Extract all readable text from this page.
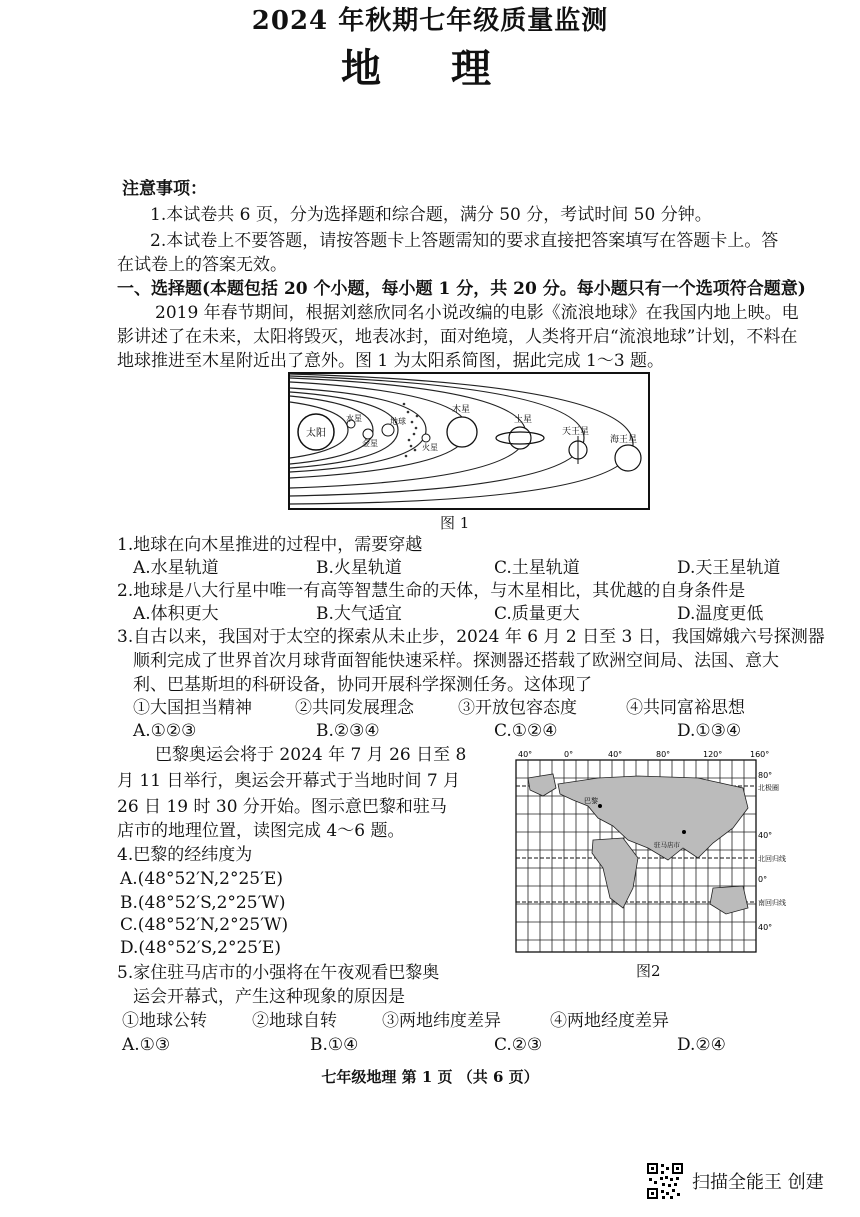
2024 年秋期七年级质量监测
地 理
注意事项：
1.本试卷共 6 页，分为选择题和综合题，满分 50 分，考试时间 50 分钟。
2.本试卷上不要答题，请按答题卡上答题需知的要求直接把答案填写在答题卡上。答
在试卷上的答案无效。
一、选择题(本题包括 20 个小题，每小题 1 分，共 20 分。每小题只有一个选项符合题意)
2019 年春节期间，根据刘慈欣同名小说改编的电影《流浪地球》在我国内地上映。电
影讲述了在未来，太阳将毁灭，地表冰封，面对绝境，人类将开启“流浪地球”计划，不料在
地球推进至木星附近出了意外。图 1 为太阳系简图，据此完成 1～3 题。
太阳
水星
金星
地球
火星
木星
土星
天王星
海王星
图 1
1.地球在向木星推进的过程中，需要穿越
A.水星轨道	B.火星轨道	C.土星轨道	D.天王星轨道
2.地球是八大行星中唯一有高等智慧生命的天体，与木星相比，其优越的自身条件是
A.体积更大	B.大气适宜	C.质量更大	D.温度更低
3.自古以来，我国对于太空的探索从未止步，2024 年 6 月 2 日至 3 日，我国嫦娥六号探测器
顺利完成了世界首次月球背面智能快速采样。探测器还搭载了欧洲空间局、法国、意大
利、巴基斯坦的科研设备，协同开展科学探测任务。这体现了
①大国担当精神	②共同发展理念	③开放包容态度	④共同富裕思想
A.①②③	B.②③④	C.①②④	D.①③④
巴黎奥运会将于 2024 年 7 月 26 日至 8
月 11 日举行，奥运会开幕式于当地时间 7 月
26 日 19 时 30 分开始。图示意巴黎和驻马
店市的地理位置，读图完成 4～6 题。
4.巴黎的经纬度为
A.(48°52′N,2°25′E)
B.(48°52′S,2°25′W)
C.(48°52′N,2°25′W)
D.(48°52′S,2°25′E)
40°	0°	40°	80°	120°	160°
巴黎
驻马店市
80°
北极圈
40°
北回归线
0°
南回归线
40°
图2
5.家住驻马店市的小强将在午夜观看巴黎奥
运会开幕式，产生这种现象的原因是
①地球公转	②地球自转	③两地纬度差异	④两地经度差异
A.①③	B.①④	C.②③	D.②④
七年级地理 第 1 页 （共 6 页）
扫描全能王 创建
